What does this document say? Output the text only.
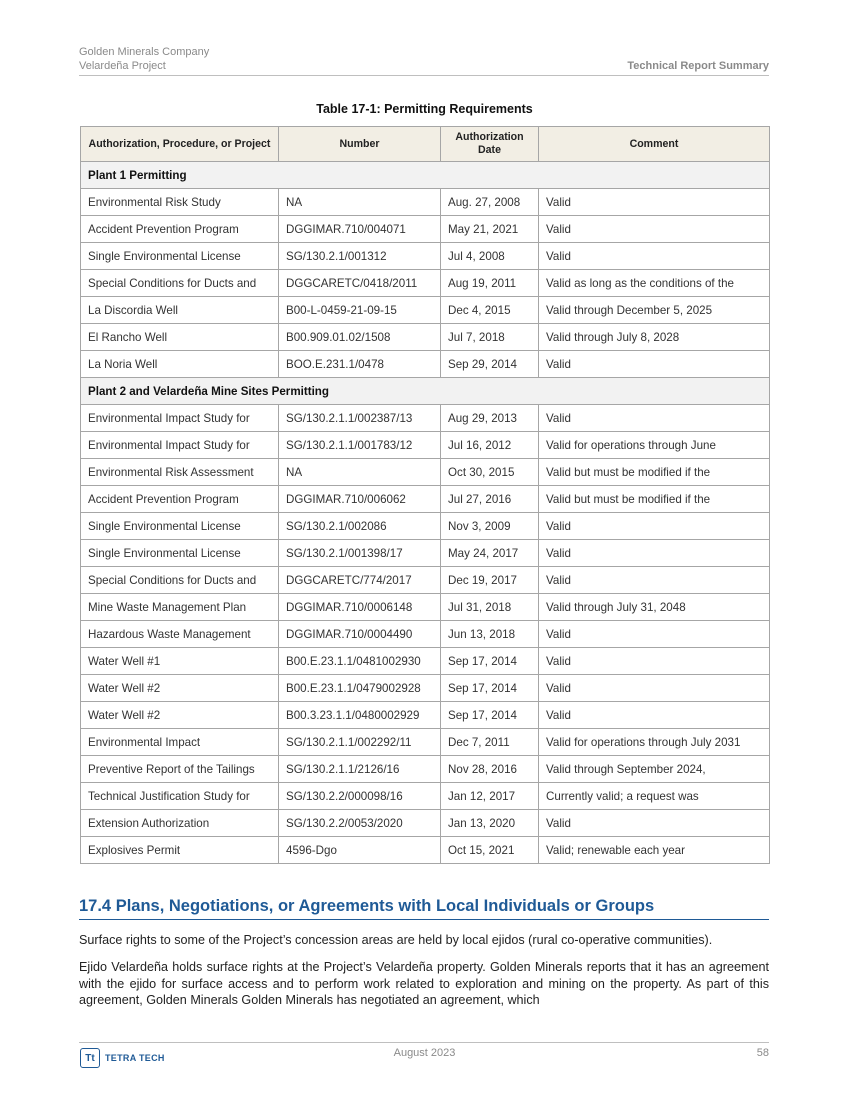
Golden Minerals Company
Velardeña Project	Technical Report Summary
Table 17-1: Permitting Requirements
Authorization, Procedure, or Project	Number	Authorization Date	Comment
Plant 1 Permitting			
Environmental Risk Study	NA	Aug. 27, 2008	Valid
Accident Prevention Program	DGGIMAR.710/004071	May 21, 2021	Valid
Single Environmental License	SG/130.2.1/001312	Jul 4, 2008	Valid
Special Conditions for Ducts and	DGGCARETC/0418/2011	Aug 19, 2011	Valid as long as the conditions of the
La Discordia Well	B00-L-0459-21-09-15	Dec 4, 2015	Valid through December 5, 2025
El Rancho Well	B00.909.01.02/1508	Jul 7, 2018	Valid through July 8, 2028
La Noria Well	BOO.E.231.1/0478	Sep 29, 2014	Valid
Plant 2 and Velardeña Mine Sites Permitting			
Environmental Impact Study for	SG/130.2.1.1/002387/13	Aug 29, 2013	Valid
Environmental Impact Study for	SG/130.2.1.1/001783/12	Jul 16, 2012	Valid for operations through June
Environmental Risk Assessment	NA	Oct 30, 2015	Valid but must be modified if the
Accident Prevention Program	DGGIMAR.710/006062	Jul 27, 2016	Valid but must be modified if the
Single Environmental License	SG/130.2.1/002086	Nov 3, 2009	Valid
Single Environmental License	SG/130.2.1/001398/17	May 24, 2017	Valid
Special Conditions for Ducts and	DGGCARETC/774/2017	Dec 19, 2017	Valid
Mine Waste Management Plan	DGGIMAR.710/0006148	Jul 31, 2018	Valid through July 31, 2048
Hazardous Waste Management	DGGIMAR.710/0004490	Jun 13, 2018	Valid
Water Well #1	B00.E.23.1.1/0481002930	Sep 17, 2014	Valid
Water Well #2	B00.E.23.1.1/0479002928	Sep 17, 2014	Valid
Water Well #2	B00.3.23.1.1/0480002929	Sep 17, 2014	Valid
Environmental Impact	SG/130.2.1.1/002292/11	Dec 7, 2011	Valid for operations through July 2031
Preventive Report of the Tailings	SG/130.2.1.1/2126/16	Nov 28, 2016	Valid through September 2024,
Technical Justification Study for	SG/130.2.2/000098/16	Jan 12, 2017	Currently valid; a request was
Extension Authorization	SG/130.2.2/0053/2020	Jan 13, 2020	Valid
Explosives Permit	4596-Dgo	Oct 15, 2021	Valid; renewable each year
17.4 Plans, Negotiations, or Agreements with Local Individuals or Groups
Surface rights to some of the Project’s concession areas are held by local ejidos (rural co-operative communities).
Ejido Velardeña holds surface rights at the Project’s Velardeña property. Golden Minerals reports that it has an agreement with the ejido for surface access and to perform work related to exploration and mining on the property. As part of this agreement, Golden Minerals Golden Minerals has negotiated an agreement, which
Tt	TETRA TECH	August 2023	58
